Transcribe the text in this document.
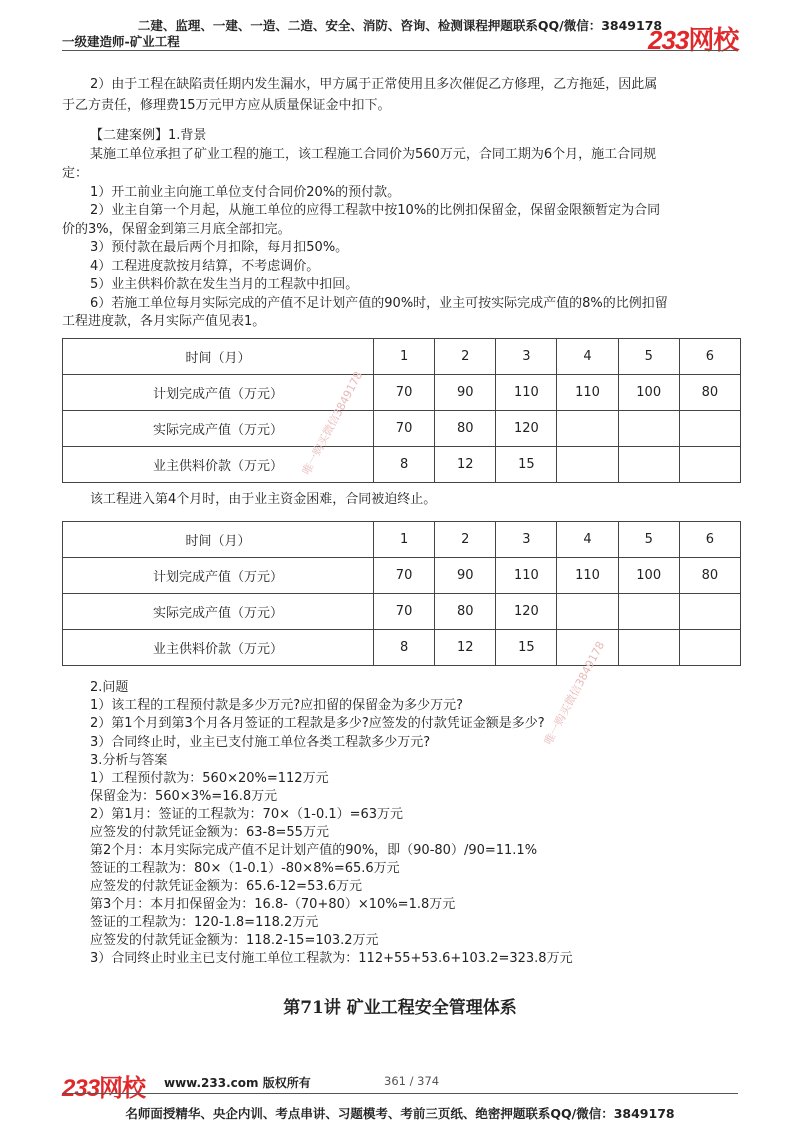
二建、监理、一建、一造、二造、安全、消防、咨询、检测课程押题联系QQ/微信：3849178
一级建造师-矿业工程	233网校
2）由于工程在缺陷责任期内发生漏水，甲方属于正常使用且多次催促乙方修理，乙方拖延，因此属
于乙方责任，修理费15万元甲方应从质量保证金中扣下。
【二建案例】1.背景
某施工单位承担了矿业工程的施工，该工程施工合同价为560万元，合同工期为6个月，施工合同规
定：
1）开工前业主向施工单位支付合同价20%的预付款。
2）业主自第一个月起，从施工单位的应得工程款中按10%的比例扣保留金，保留金限额暂定为合同
价的3%，保留金到第三月底全部扣完。
3）预付款在最后两个月扣除，每月扣50%。
4）工程进度款按月结算，不考虑调价。
5）业主供料价款在发生当月的工程款中扣回。
6）若施工单位每月实际完成的产值不足计划产值的90%时，业主可按实际完成产值的8%的比例扣留
工程进度款，各月实际产值见表1。
时间（月）	1	2	3	4	5	6
计划完成产值（万元）	70	90	110	110	100	80
实际完成产值（万元）	70	80	120			
业主供料价款（万元）	8	12	15			
该工程进入第4个月时，由于业主资金困难，合同被迫终止。
时间（月）	1	2	3	4	5	6
计划完成产值（万元）	70	90	110	110	100	80
实际完成产值（万元）	70	80	120			
业主供料价款（万元）	8	12	15			
2.问题
1）该工程的工程预付款是多少万元?应扣留的保留金为多少万元?
2）第1个月到第3个月各月签证的工程款是多少?应签发的付款凭证金额是多少?
3）合同终止时，业主已支付施工单位各类工程款多少万元?
3.分析与答案
1）工程预付款为：560×20%=112万元
保留金为：560×3%=16.8万元
2）第1月：签证的工程款为：70×（1-0.1）=63万元
应签发的付款凭证金额为：63-8=55万元
第2个月：本月实际完成产值不足计划产值的90%，即（90-80）/90=11.1%
签证的工程款为：80×（1-0.1）-80×8%=65.6万元
应签发的付款凭证金额为：65.6-12=53.6万元
第3个月：本月扣保留金为：16.8-（70+80）×10%=1.8万元
签证的工程款为：120-1.8=118.2万元
应签发的付款凭证金额为：118.2-15=103.2万元
3）合同终止时业主已支付施工单位工程款为：112+55+53.6+103.2=323.8万元
第71讲 矿业工程安全管理体系
唯一购买微信3849178
唯一购买微信3849178
233网校 www.233.com 版权所有	361 / 374
名师面授精华、央企内训、考点串讲、习题模考、考前三页纸、绝密押题联系QQ/微信：3849178
